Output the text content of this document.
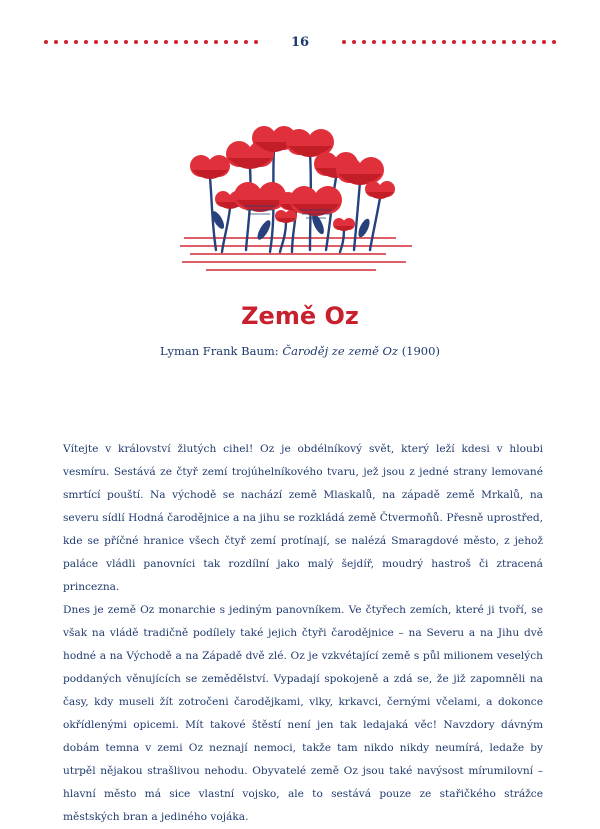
16
Země Oz

Lyman Frank Baum: Čaroděj ze země Oz (1900)

Vítejte v království žlutých cihel! Oz je obdélníkový svět, který leží kdesi v hloubi vesmíru. Sestává ze čtyř zemí trojúhelníkového tvaru, jež jsou z jedné strany lemované smrtící pouští. Na východě se nachází země Mlaskalů, na západě země Mrkalů, na severu sídlí Hodná čarodějnice a na jihu se rozkládá země Čtvermoňů. Přesně uprostřed, kde se příčné hranice všech čtyř zemí protínají, se nalézá Smaragdové město, z jehož paláce vládli panovníci tak rozdílní jako malý šejdíř, moudrý hastroš či ztracená princezna.

Dnes je země Oz monarchie s jediným panovníkem. Ve čtyřech zemích, které ji tvoří, se však na vládě tradičně podílely také jejich čtyři čarodějnice – na Severu a na Jihu dvě hodné a na Východě a na Západě dvě zlé. Oz je vzkvétající země s půl milionem veselých poddaných věnujících se zemědělství. Vypadají spokojeně a zdá se, že již zapomněli na časy, kdy museli žít zotročeni čarodějkami, vlky, krkavci, černými včelami, a dokonce okřídlenými opicemi. Mít takové štěstí není jen tak ledajaká věc! Navzdory dávným dobám temna v zemi Oz neznají nemoci, takže tam nikdo nikdy neumírá, ledaže by utrpěl nějakou strašlivou nehodu. Obyvatelé země Oz jsou také navýsost mírumilovní – hlavní město má sice vlastní vojsko, ale to sestává pouze ze stařičkého strážce městských bran a jediného vojáka.
